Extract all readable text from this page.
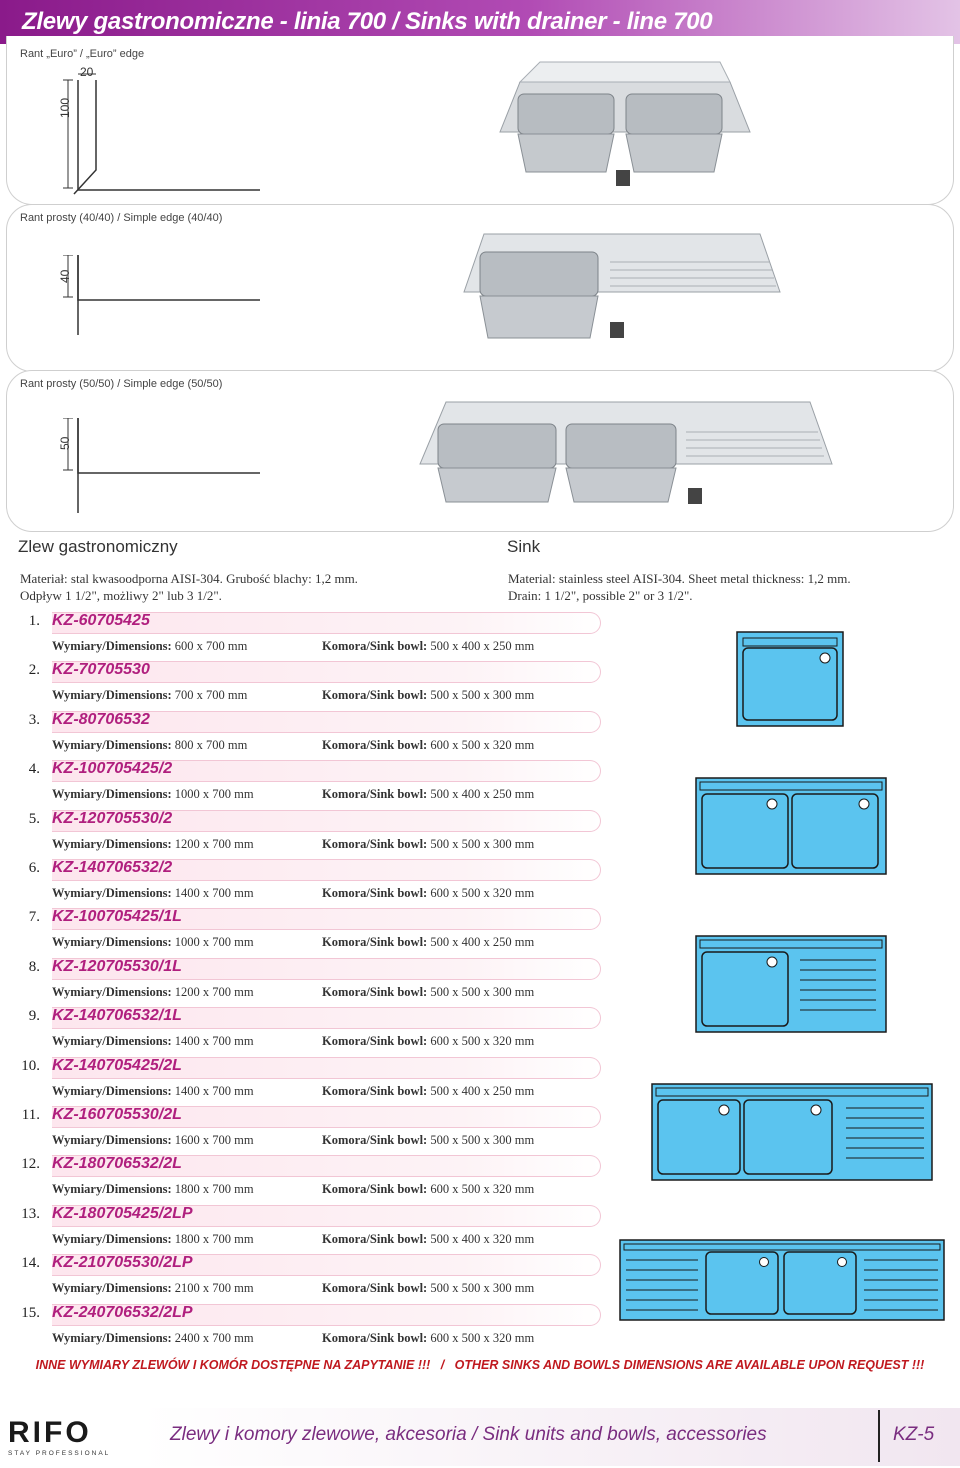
Zlewy gastronomiczne - linia 700 / Sinks with drainer - line 700
Rant „Euro” / „Euro” edge
20
100
Rant prosty (40/40) / Simple edge (40/40)
40
Rant prosty (50/50) / Simple edge (50/50)
50
Zlew gastronomiczny
Materiał: stal kwasoodporna AISI-304. Grubość blachy: 1,2 mm.
Odpływ 1 1/2", możliwy 2" lub 3 1/2".
Sink
Material: stainless steel AISI-304. Sheet metal thickness: 1,2 mm.
Drain: 1 1/2", possible 2" or 3 1/2".
1. KZ-60705425
Wymiary/Dimensions: 600 x 700 mm	Komora/Sink bowl: 500 x 400 x 250 mm
2. KZ-70705530
Wymiary/Dimensions: 700 x 700 mm	Komora/Sink bowl: 500 x 500 x 300 mm
3. KZ-80706532
Wymiary/Dimensions: 800 x 700 mm	Komora/Sink bowl: 600 x 500 x 320 mm
4. KZ-100705425/2
Wymiary/Dimensions: 1000 x 700 mm	Komora/Sink bowl: 500 x 400 x 250 mm
5. KZ-120705530/2
Wymiary/Dimensions: 1200 x 700 mm	Komora/Sink bowl: 500 x 500 x 300 mm
6. KZ-140706532/2
Wymiary/Dimensions: 1400 x 700 mm	Komora/Sink bowl: 600 x 500 x 320 mm
7. KZ-100705425/1L
Wymiary/Dimensions: 1000 x 700 mm	Komora/Sink bowl: 500 x 400 x 250 mm
8. KZ-120705530/1L
Wymiary/Dimensions: 1200 x 700 mm	Komora/Sink bowl: 500 x 500 x 300 mm
9. KZ-140706532/1L
Wymiary/Dimensions: 1400 x 700 mm	Komora/Sink bowl: 600 x 500 x 320 mm
10. KZ-140705425/2L
Wymiary/Dimensions: 1400 x 700 mm	Komora/Sink bowl: 500 x 400 x 250 mm
11. KZ-160705530/2L
Wymiary/Dimensions: 1600 x 700 mm	Komora/Sink bowl: 500 x 500 x 300 mm
12. KZ-180706532/2L
Wymiary/Dimensions: 1800 x 700 mm	Komora/Sink bowl: 600 x 500 x 320 mm
13. KZ-180705425/2LP
Wymiary/Dimensions: 1800 x 700 mm	Komora/Sink bowl: 500 x 400 x 320 mm
14. KZ-210705530/2LP
Wymiary/Dimensions: 2100 x 700 mm	Komora/Sink bowl: 500 x 500 x 300 mm
15. KZ-240706532/2LP
Wymiary/Dimensions: 2400 x 700 mm	Komora/Sink bowl: 600 x 500 x 320 mm
INNE WYMIARY ZLEWÓW I KOMÓR DOSTĘPNE NA ZAPYTANIE !!!   /   OTHER SINKS AND BOWLS DIMENSIONS ARE AVAILABLE UPON REQUEST !!!
RIFO
STAY PROFESSIONAL
Zlewy i komory zlewowe, akcesoria / Sink units and bowls, accessories	KZ-5
